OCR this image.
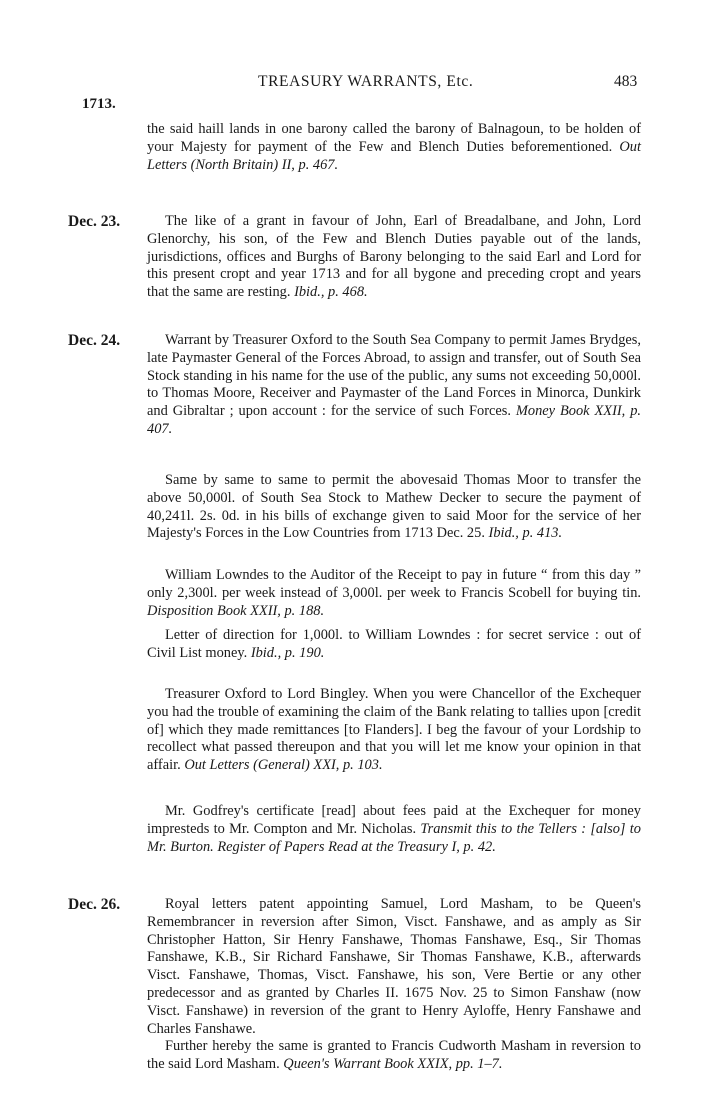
TREASURY WARRANTS, Etc.	483
1713.

the said haill lands in one barony called the barony of Balnagoun, to be holden of your Majesty for payment of the Few and Blench Duties beforementioned. Out Letters (North Britain) II, p. 467.

Dec. 23.	The like of a grant in favour of John, Earl of Breadalbane, and John, Lord Glenorchy, his son, of the Few and Blench Duties payable out of the lands, jurisdictions, offices and Burghs of Barony belonging to the said Earl and Lord for this present cropt and year 1713 and for all bygone and preceding cropt and years that the same are resting. Ibid., p. 468.

Dec. 24.	Warrant by Treasurer Oxford to the South Sea Company to permit James Brydges, late Paymaster General of the Forces Abroad, to assign and transfer, out of South Sea Stock standing in his name for the use of the public, any sums not exceeding 50,000l. to Thomas Moore, Receiver and Paymaster of the Land Forces in Minorca, Dunkirk and Gibraltar ; upon account : for the service of such Forces. Money Book XXII, p. 407.

Same by same to same to permit the abovesaid Thomas Moor to transfer the above 50,000l. of South Sea Stock to Mathew Decker to secure the payment of 40,241l. 2s. 0d. in his bills of exchange given to said Moor for the service of her Majesty's Forces in the Low Countries from 1713 Dec. 25. Ibid., p. 413.

William Lowndes to the Auditor of the Receipt to pay in future “ from this day ” only 2,300l. per week instead of 3,000l. per week to Francis Scobell for buying tin. Disposition Book XXII, p. 188.

Letter of direction for 1,000l. to William Lowndes : for secret service : out of Civil List money. Ibid., p. 190.

Treasurer Oxford to Lord Bingley. When you were Chancellor of the Exchequer you had the trouble of examining the claim of the Bank relating to tallies upon [credit of] which they made remittances [to Flanders]. I beg the favour of your Lordship to recollect what passed thereupon and that you will let me know your opinion in that affair. Out Letters (General) XXI, p. 103.

Mr. Godfrey's certificate [read] about fees paid at the Exchequer for money impresteds to Mr. Compton and Mr. Nicholas. Transmit this to the Tellers : [also] to Mr. Burton. Register of Papers Read at the Treasury I, p. 42.

Dec. 26.	Royal letters patent appointing Samuel, Lord Masham, to be Queen's Remembrancer in reversion after Simon, Visct. Fanshawe, and as amply as Sir Christopher Hatton, Sir Henry Fanshawe, Thomas Fanshawe, Esq., Sir Thomas Fanshawe, K.B., Sir Richard Fanshawe, Sir Thomas Fanshawe, K.B., afterwards Visct. Fanshawe, Thomas, Visct. Fanshawe, his son, Vere Bertie or any other predecessor and as granted by Charles II. 1675 Nov. 25 to Simon Fanshaw (now Visct. Fanshawe) in reversion of the grant to Henry Ayloffe, Henry Fanshawe and Charles Fanshawe.

Further hereby the same is granted to Francis Cudworth Masham in reversion to the said Lord Masham. Queen's Warrant Book XXIX, pp. 1–7.
